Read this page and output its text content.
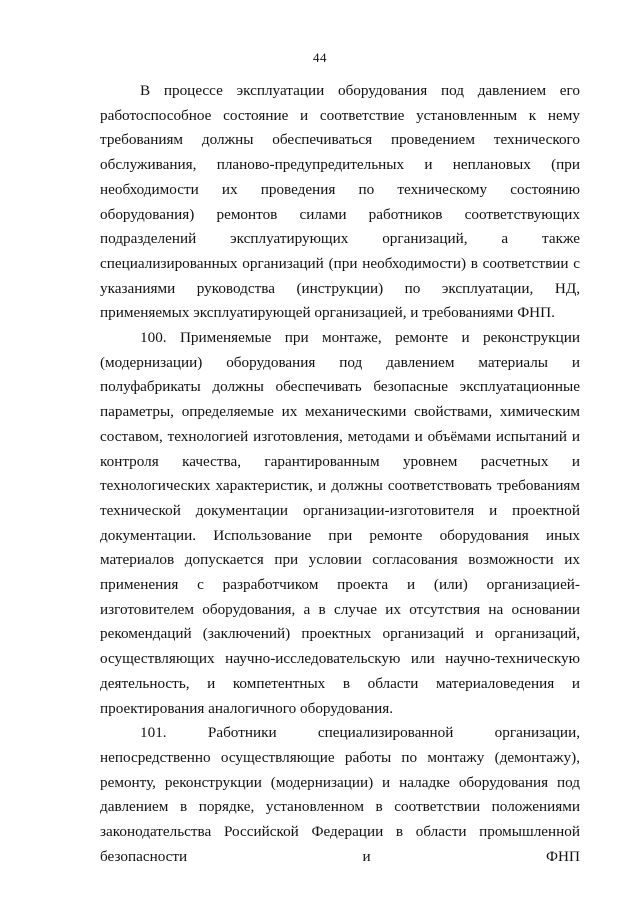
44

В процессе эксплуатации оборудования под давлением его работоспособное состояние и соответствие установленным к нему требованиям должны обеспечиваться проведением технического обслуживания, планово-предупредительных и неплановых (при необходимости их проведения по техническому состоянию оборудования) ремонтов силами работников соответствующих подразделений эксплуатирующих организаций, а также специализированных организаций (при необходимости) в соответствии с указаниями руководства (инструкции) по эксплуатации, НД, применяемых эксплуатирующей организацией, и требованиями ФНП.

100. Применяемые при монтаже, ремонте и реконструкции (модернизации) оборудования под давлением материалы и полуфабрикаты должны обеспечивать безопасные эксплуатационные параметры, определяемые их механическими свойствами, химическим составом, технологией изготовления, методами и объёмами испытаний и контроля качества, гарантированным уровнем расчетных и технологических характеристик, и должны соответствовать требованиям технической документации организации-изготовителя и проектной документации. Использование при ремонте оборудования иных материалов допускается при условии согласования возможности их применения с разработчиком проекта и (или) организацией-изготовителем оборудования, а в случае их отсутствия на основании рекомендаций (заключений) проектных организаций и организаций, осуществляющих научно-исследовательскую или научно-техническую деятельность, и компетентных в области материаловедения и проектирования аналогичного оборудования.

101. Работники специализированной организации, непосредственно осуществляющие работы по монтажу (демонтажу), ремонту, реконструкции (модернизации) и наладке оборудования под давлением в порядке, установленном в соответствии положениями законодательства Российской Федерации в области промышленной безопасности и ФНП
